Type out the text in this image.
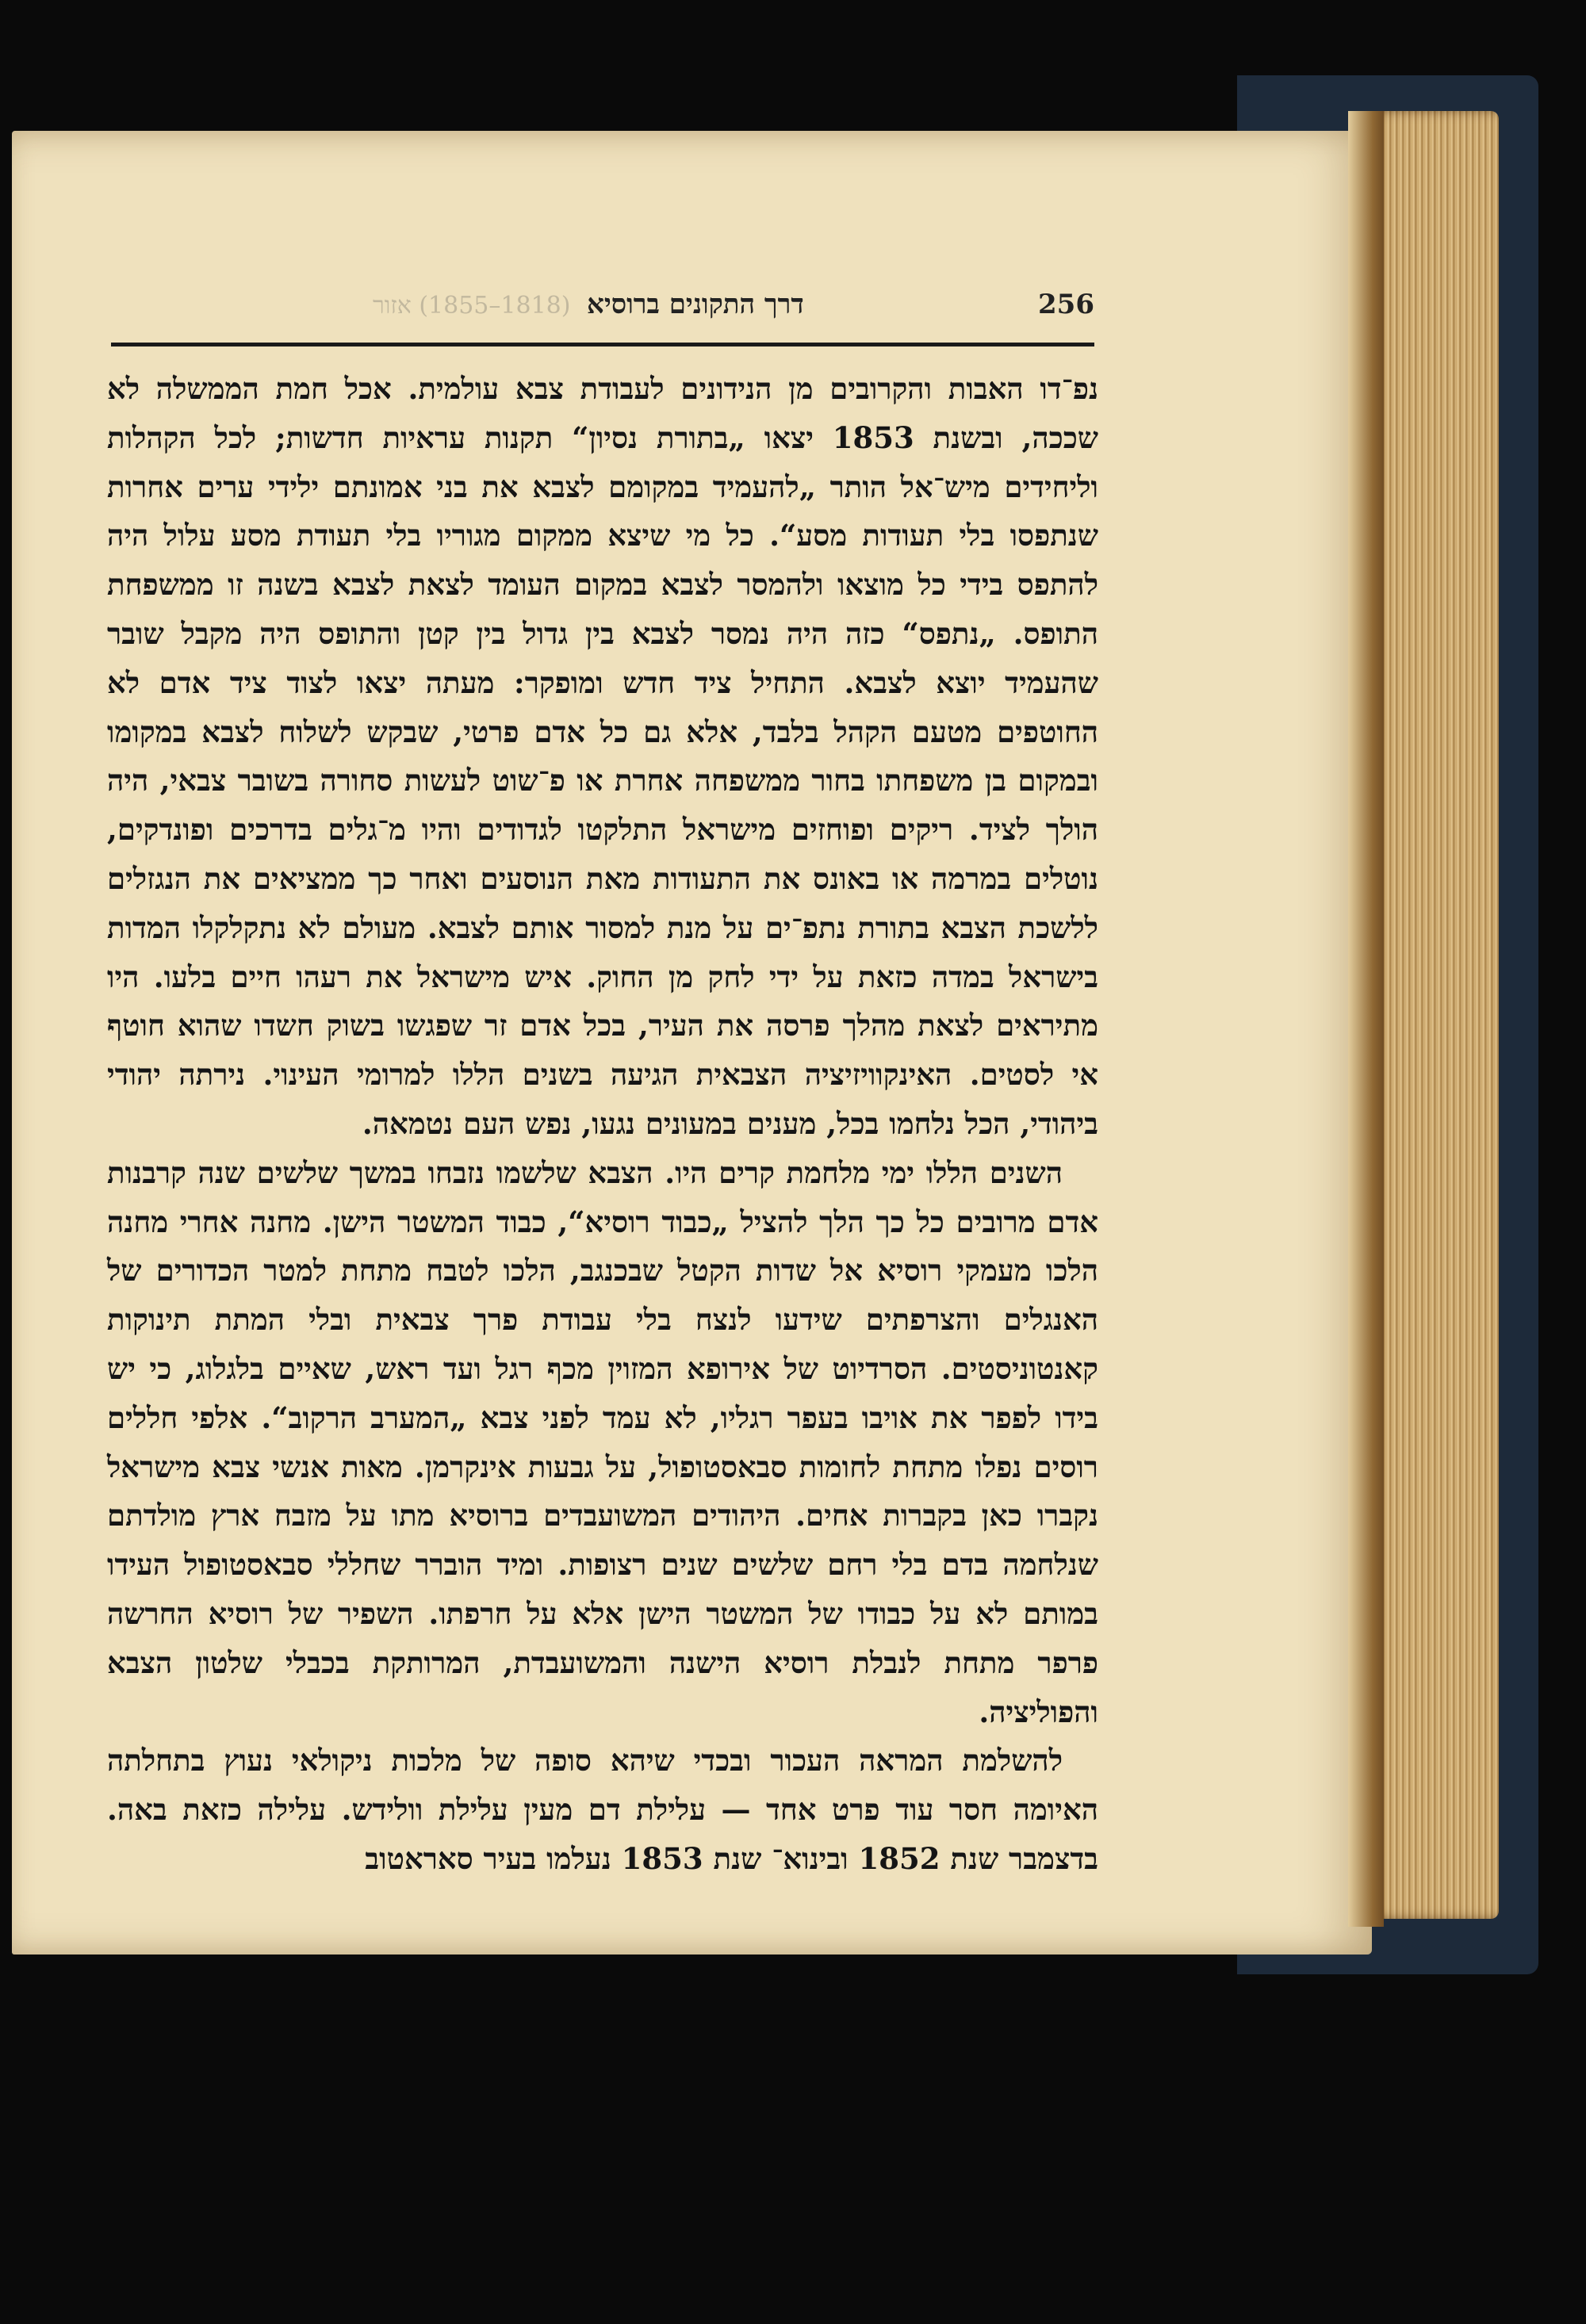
(1818–1855) אזור דרך התקונים ברוסיא	256

נפ־דו האבות והקרובים מן הנידונים לעבודת צבא עולמית. אכל חמת הממשלה לא שככה, ובשנת 1853 יצאו „בתורת נסיון“ תקנות עראיות חדשות; לכל הקהלות וליחידים מיש־אל הותר „להעמיד במקומם לצבא את בני אמונתם ילידי ערים אחרות שנתפסו בלי תעודות מסע“. כל מי שיצא ממקום מגוריו בלי תעודת מסע עלול היה להתפס בידי כל מוצאו ולהמסר לצבא במקום העומד לצאת לצבא בשנה זו ממשפחת התופס. „נתפס“ כזה היה נמסר לצבא בין גדול בין קטן והתופס היה מקבל שובר שהעמיד יוצא לצבא. התחיל ציד חדש ומופקר: מעתה יצאו לצוד ציד אדם לא החוטפים מטעם הקהל בלבד, אלא גם כל אדם פרטי, שבקש לשלוח לצבא במקומו ובמקום בן משפחתו בחור ממשפחה אחרת או פ־שוט לעשות סחורה בשובר צבאי, היה הולך לציד. ריקים ופוחזים מישראל התלקטו לגדודים והיו מ־גלים בדרכים ופונדקים, נוטלים במרמה או באונס את התעודות מאת הנוסעים ואחר כך ממציאים את הנגזלים ללשכת הצבא בתורת נתפ־ים על מנת למסור אותם לצבא. מעולם לא נתקלקלו המדות בישראל במדה כזאת על ידי לחק מן החוק. איש מישראל את רעהו חיים בלעו. היו מתיראים לצאת מהלך פרסה את העיר, בכל אדם זר שפגשו בשוק חשדו שהוא חוטף אי לסטים. האינקוויזיציה הצבאית הגיעה בשנים הללו למרומי העינוי. נירתה יהודי ביהודי, הכל נלחמו בכל, מענים במעונים נגעו, נפש העם נטמאה.

השנים הללו ימי מלחמת קרים היו. הצבא שלשמו נזבחו במשך שלשים שנה קרבנות אדם מרובים כל כך הלך להציל „כבוד רוסיא“, כבוד המשטר הישן. מחנה אחרי מחנה הלכו מעמקי רוסיא אל שדות הקטל שבכנגב, הלכו לטבח מתחת למטר הכדורים של האנגלים והצרפתים שידעו לנצח בלי עבודת פרך צבאית ובלי המתת תינוקות קאנטוניסטים. הסרדיוט של אירופא המזוין מכף רגל ועד ראש, שאיים בלגלוג, כי יש בידו לפפר את אויבו בעפר רגליו, לא עמד לפני צבא „המערב הרקוב“. אלפי חללים רוסים נפלו מתחת לחומות סבאסטופול, על גבעות אינקרמן. מאות אנשי צבא מישראל נקברו כאן בקברות אחים. היהודים המשועבדים ברוסיא מתו על מזבח ארץ מולדתם שנלחמה בדם בלי רחם שלשים שנים רצופות. ומיד הוברר שחללי סבאסטופול העידו במותם לא על כבודו של המשטר הישן אלא על חרפתו. השפיר של רוסיא החרשה פרפר מתחת לנבלת רוסיא הישנה והמשועבדת, המרותקת בכבלי שלטון הצבא והפוליציה.

להשלמת המראה העכור ובכדי שיהא סופה של מלכות ניקולאי נעוץ בתחלתה האיומה חסר עוד פרט אחד — עלילת דם מעין עלילת וולידש. עלילה כזאת באה. בדצמבר שנת 1852 ובינוא־ שנת 1853 נעלמו בעיר סאראטוב
